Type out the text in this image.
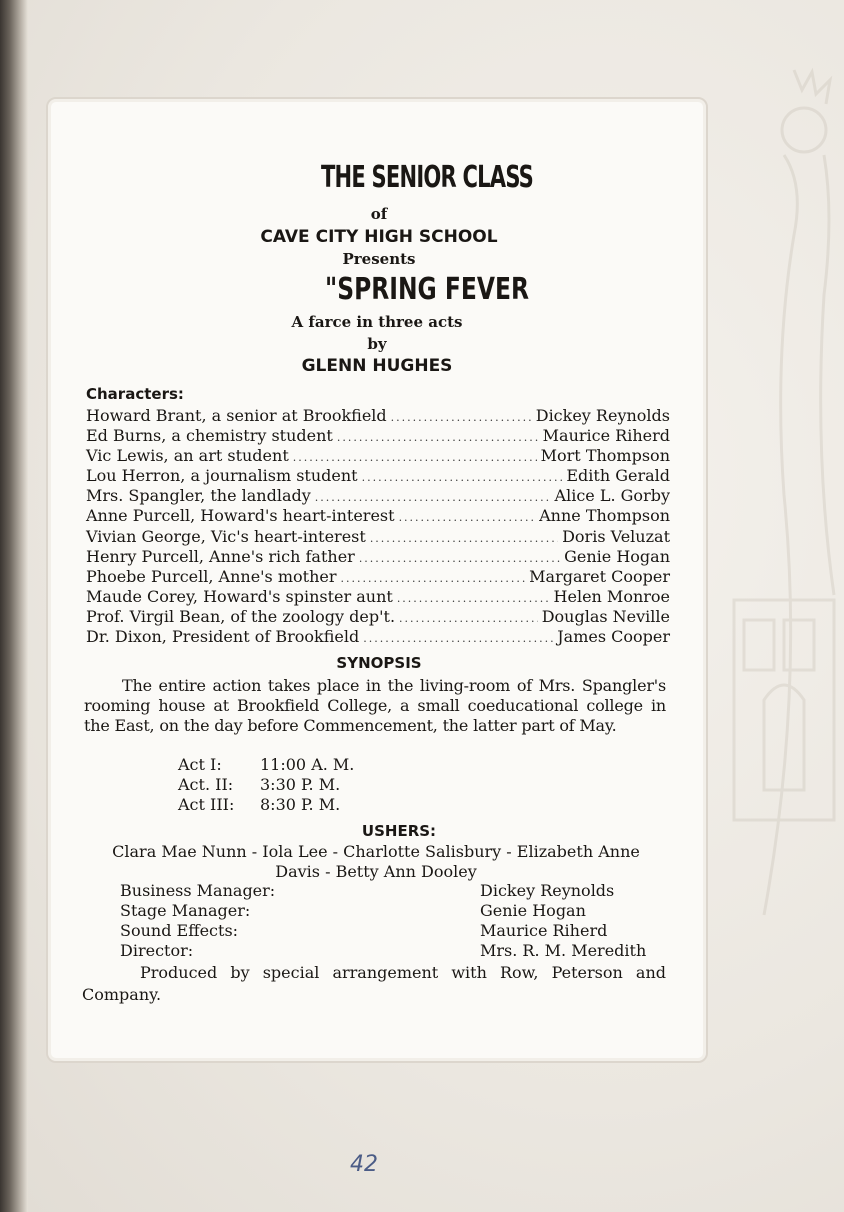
THE SENIOR CLASS
of
CAVE CITY HIGH SCHOOL
Presents
"SPRING FEVER
A farce in three acts
by
GLENN HUGHES
Characters:
Howard Brant, a senior at Brookfield .....	Dickey Reynolds
Ed Burns, a chemistry student .....	Maurice Riherd
Vic Lewis, an art student .....	Mort Thompson
Lou Herron, a journalism student .....	Edith Gerald
Mrs. Spangler, the landlady .....	Alice L. Gorby
Anne Purcell, Howard's heart-interest .....	Anne Thompson
Vivian George, Vic's heart-interest .....	Doris Veluzat
Henry Purcell, Anne's rich father .....	Genie Hogan
Phoebe Purcell, Anne's mother .....	Margaret Cooper
Maude Corey, Howard's spinster aunt .....	Helen Monroe
Prof. Virgil Bean, of the zoology dep't. .....	Douglas Neville
Dr. Dixon, President of Brookfield .....	James Cooper
SYNOPSIS
The entire action takes place in the living-room of Mrs. Spangler's rooming house at Brookfield College, a small coeducational college in the East, on the day before Commencement, the latter part of May.
Act I:	11:00 A. M.
Act. II:	3:30 P. M.
Act III:	8:30 P. M.
USHERS:
Clara Mae Nunn - Iola Lee - Charlotte Salisbury - Elizabeth Anne
Davis - Betty Ann Dooley
Business Manager:	Dickey Reynolds
Stage Manager:	Genie Hogan
Sound Effects:	Maurice Riherd
Director:	Mrs. R. M. Meredith
Produced by special arrangement with Row, Peterson and Company.
42
